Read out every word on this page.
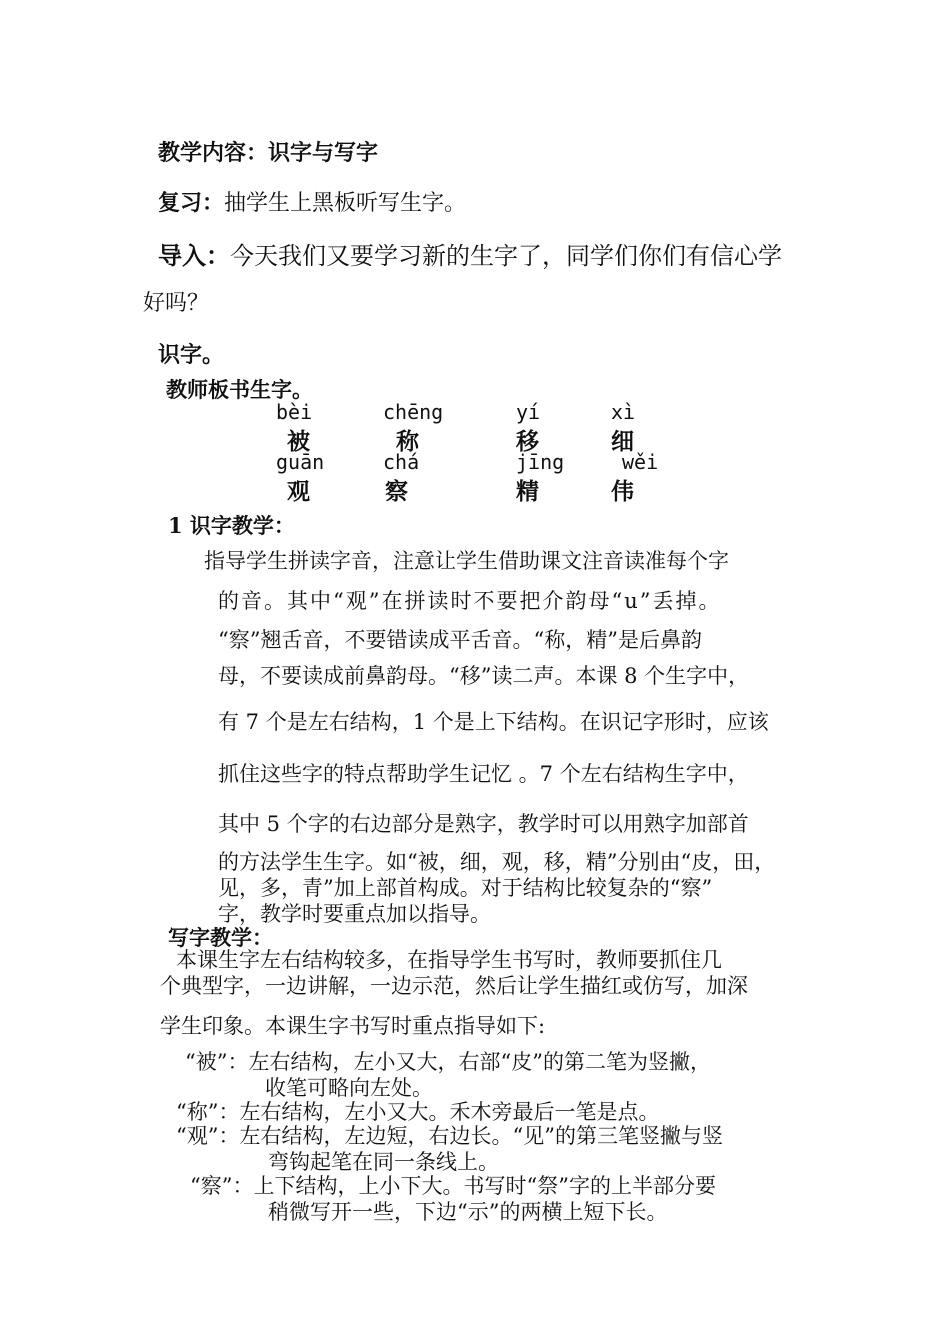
教学内容：识字与写字
复习：抽学生上黑板听写生字。
导入：今天我们又要学习新的生字了，同学们你们有信心学
好吗？
识字。
教师板书生字。
bèi	chēng	yí	xì
被	称	移	细
guān	chá	jīng	wěi
观	察	精	伟
1 识字教学：
指导学生拼读字音，注意让学生借助课文注音读准每个字
的音。其中“观”在拼读时不要把介韵母“u”丢掉。
“察”翘舌音，不要错读成平舌音。“称，精”是后鼻韵
母，不要读成前鼻韵母。“移”读二声。本课 8 个生字中，
有 7 个是左右结构，1 个是上下结构。在识记字形时，应该
抓住这些字的特点帮助学生记忆 。7 个左右结构生字中，
其中 5 个字的右边部分是熟字，教学时可以用熟字加部首
的方法学生生字。如“被，细，观，移，精”分别由“皮，田，
见，多，青”加上部首构成。对于结构比较复杂的“察”
字，教学时要重点加以指导。
写字教学：
本课生字左右结构较多，在指导学生书写时，教师要抓住几
个典型字，一边讲解，一边示范，然后让学生描红或仿写，加深
学生印象。本课生字书写时重点指导如下:
“被”：左右结构，左小又大，右部“皮”的第二笔为竖撇，
收笔可略向左处。
“称”：左右结构，左小又大。禾木旁最后一笔是点。
“观”：左右结构，左边短，右边长。“见”的第三笔竖撇与竖
弯钩起笔在同一条线上。
“察”：上下结构，上小下大。书写时“祭”字的上半部分要
稍微写开一些，下边“示”的两横上短下长。
